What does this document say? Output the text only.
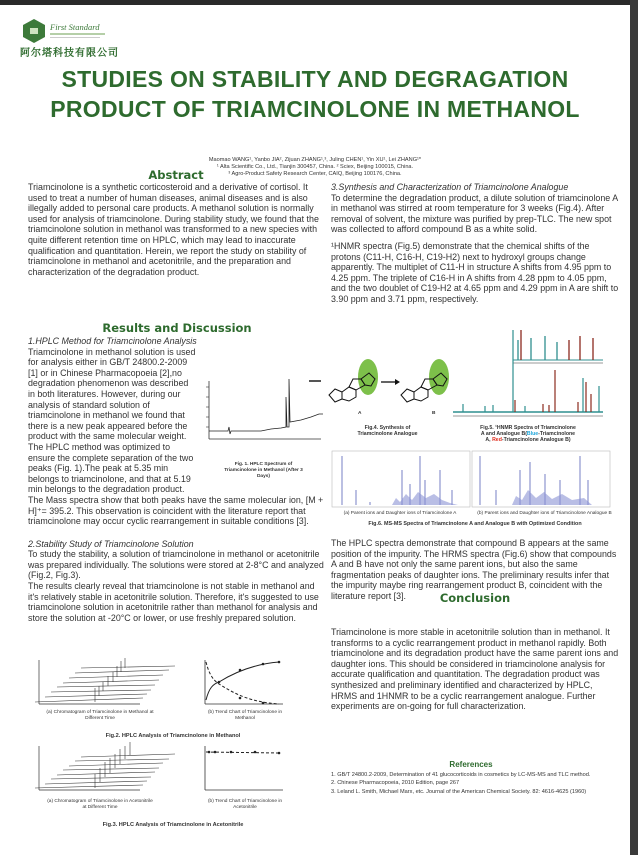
First Standard
阿尔塔科技有限公司
STUDIES ON STABILITY AND DEGRAGATION
PRODUCT OF TRIAMCINOLONE IN METHANOL
Maomao WANG¹, Yanbo JIA², Zijuan ZHANG¹,³, Juling CHEN¹, Yin XU¹, Lei ZHANG¹*
¹ Alta Scientific Co., Ltd., Tianjin 300457, China. ² Sciex, Beijing 100015, China.
³ Agro-Product Safety Research Center, CAIQ, Beijing 100176, China.
Abstract

Triamcinolone is a synthetic corticosteroid and a derivative of cortisol. It used to treat a number of human diseases, animal diseases and is also illegally added to personal care products. A methanol solution is normally used for analysis of triamcinolone. During stability study, we found that the triamcinolone solution in methanol was transformed to a new species with quite different retention time on HPLC, which may lead to inaccurate qualification and quantitation. Herein, we report the study on stability of triamcinolone in methanol and acetonitrile, and the preparation and characterization of the degradation product.

Results and Discussion
1.HPLC Method for Triamcinolone Analysis
Fig. 1. HPLC Spectrum of Triamcinolone in Methanol (After 3 Days)

Triamcinolone in methanol solution is used for analysis either in GB/T 24800.2-2009 [1] or in Chinese Pharmacopoeia [2],no degradation phenomenon was described in both literatures. However, during our analysis of standard solution of triamcinolone in methanol we found that there is a new peak appeared before the product with the same molecular weight. The HPLC method was optimized to ensure the complete separation of the two peaks (Fig. 1).The peak at 5.35 min belongs to triamcinolone, and that at 5.19 min belongs to the degradation product. The Mass spectra show that both peaks have the same molecular ion, [M + H]⁺= 395.2. This observation is coincident with the literature report that triamcinolone may occur cyclic rearrangement in suitable conditions [3].

2.Stability Study of Triamcinolone Solution

To study the stability, a solution of triamcinolone in methanol or acetonitrile was prepared individually. The solutions were stored at 2-8°C and analyzed (Fig.2, Fig.3).

The results clearly reveal that triamcinolone is not stable in methanol and it's relatively stable in acetonitrile solution. Therefore, it's suggested to use triamcinolone solution in acetonitrile rather than methanol for analysis and store the solution at -20°C or lower, or use freshly prepared solution.

(a) Chromatogram of Triamcinolone in Methanol at Different Time
(b) Trend Chart of Triamcinolone in Methanol
Fig.2. HPLC Analysis of Triamcinolone in Methanol
(a) Chromatogram of Triamcinolone in Acetonitrile at Different Time
(b) Trend Chart of Triamcinolone in Acetonitrile
Fig.3. HPLC Analysis of Triamcinolone in Acetonitrile
3.Synthesis and Characterization of Triamcinolone Analogue

To determine the degradation product, a dilute solution of triamcinolone A in methanol was stirred at room temperature for 3 weeks (Fig.4). After removal of solvent, the mixture was purified by prep-TLC. The new spot was collected to afford compound B as a white solid.

¹HNMR spectra (Fig.5) demonstrate that the chemical shifts of the protons (C11-H, C16-H, C19-H2) next to hydroxyl groups change apparently. The multiplet of C11-H in structure A shifts from 4.95 ppm to 4.25 ppm. The triplete of C16-H in A shifts from 4.28 ppm to 4.05 ppm, and the two doublet of C19-H2 at 4.65 ppm and 4.29 ppm in A are shift to 3.90 ppm and 3.71 ppm, respectively.

A	B
Fig.4. Synthesis of Triamcinolone Analogue
Fig.5. ¹HNMR Spectra of Triamcinolone A and Analogue B(Blue-Triamcinolone A, Red-Triamcinolone Analogue B)
(a) Parent ions and Daughter ions of Triamcinolone A	(b) Parent ions and Daughter ions of Triamcinolone Analogue B
Fig.6. MS-MS Spectra of Triamcinolone A and Analogue B with Optimized Condition

The HPLC spectra demonstrate that compound B appears at the same position of the impurity. The HRMS spectra (Fig.6) show that compounds A and B have not only the same parent ions, but also the same fragmentation peaks of daughter ions. The preliminary results infer that the impurity maybe ring rearrangement product B, coincident with the literature report [3].	Conclusion

Triamcinolone is more stable in acetonitrile solution than in methanol. It transforms to a cyclic rearrangement product in methanol rapidly. Both triamcinolone and its degradation product have the same parent ions and daughter ions. This should be considered in triamcinolone analysis for accurate qualification and quantitation. The degradation product was synthesized and preliminary identified and characterized by HPLC, HRMS and 1HNMR to be a cyclic rearrangement analogue. Further experiments are on-going for full characterization.

References
1. GB/T 24800.2-2009, Determination of 41 glucocorticoids in cosmetics by LC-MS-MS and TLC method.
2. Chinese Pharmacopoeia, 2010 Edition, page 267
3. Leland L. Smith, Michael Marx, etc. Journal of the American Chemical Society. 82: 4616-4625 (1960)
